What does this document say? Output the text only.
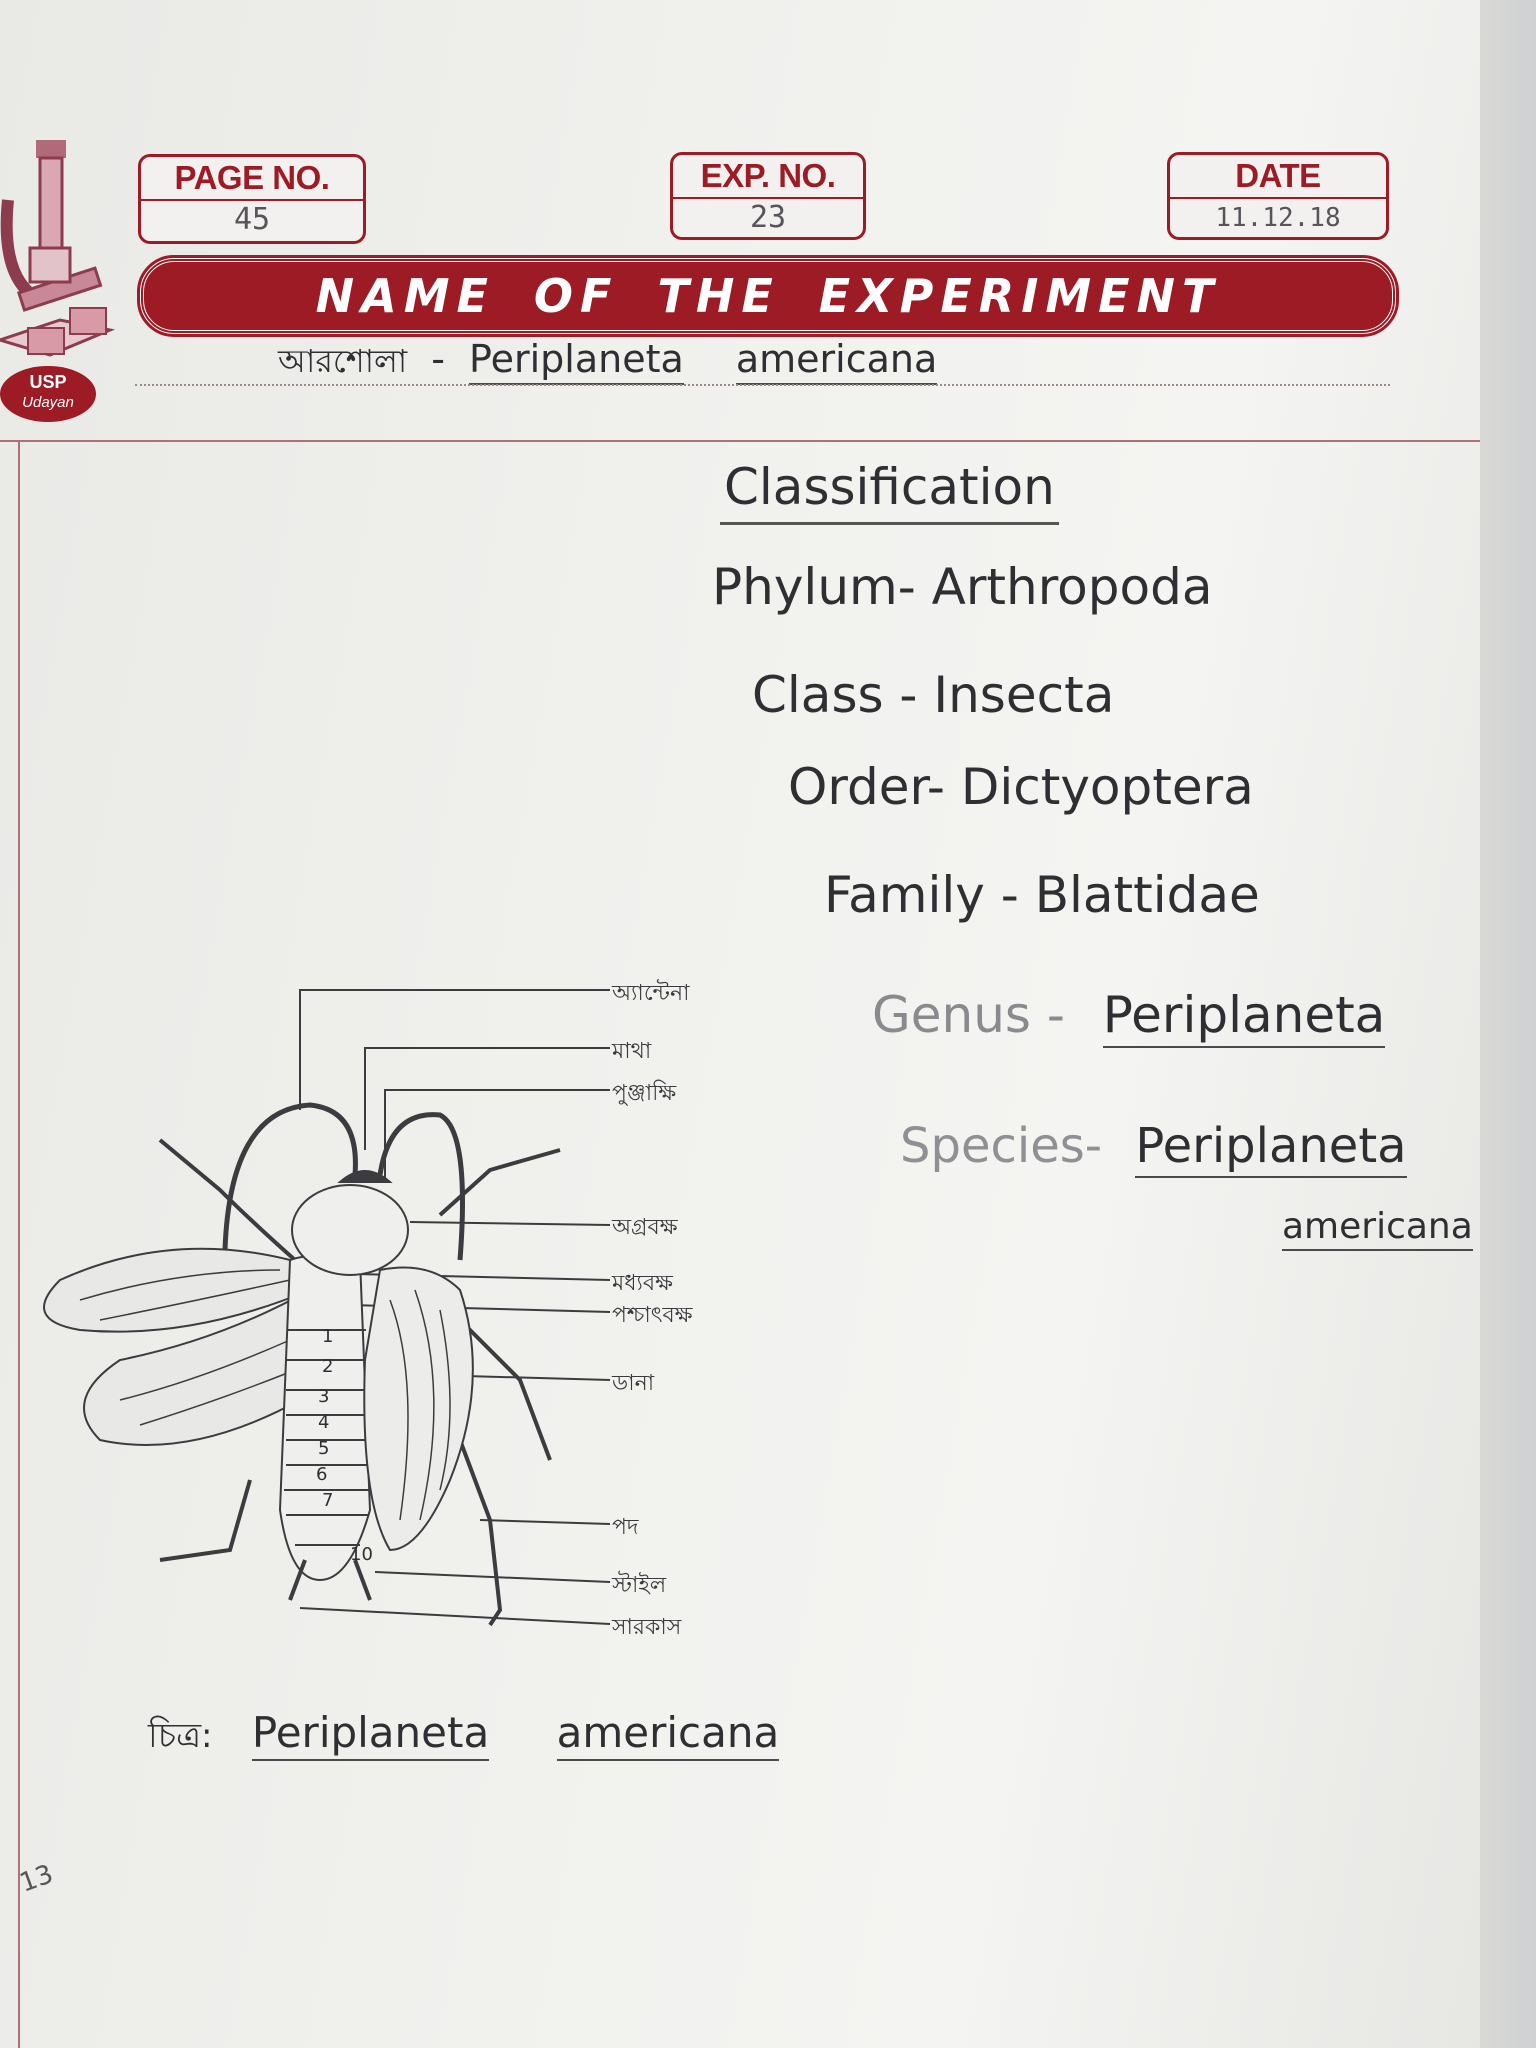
USP
Udayan
PAGE NO.
45
EXP. NO.
23
DATE
11.12.18
NAME OF THE EXPERIMENT
আরশোলা - Periplaneta americana
Classification
Phylum- Arthropoda
Class - Insecta
Order- Dictyoptera
Family - Blattidae
Genus - Periplaneta
Species- Periplaneta
americana
1
2
3
4
5
6
7
10
অ্যান্টেনা
মাথা
পুঞ্জাক্ষি
অগ্রবক্ষ
মধ্যবক্ষ
পশ্চাৎবক্ষ
ডানা
পদ
স্টাইল
সারকাস
চিত্র: Periplaneta americana
13
